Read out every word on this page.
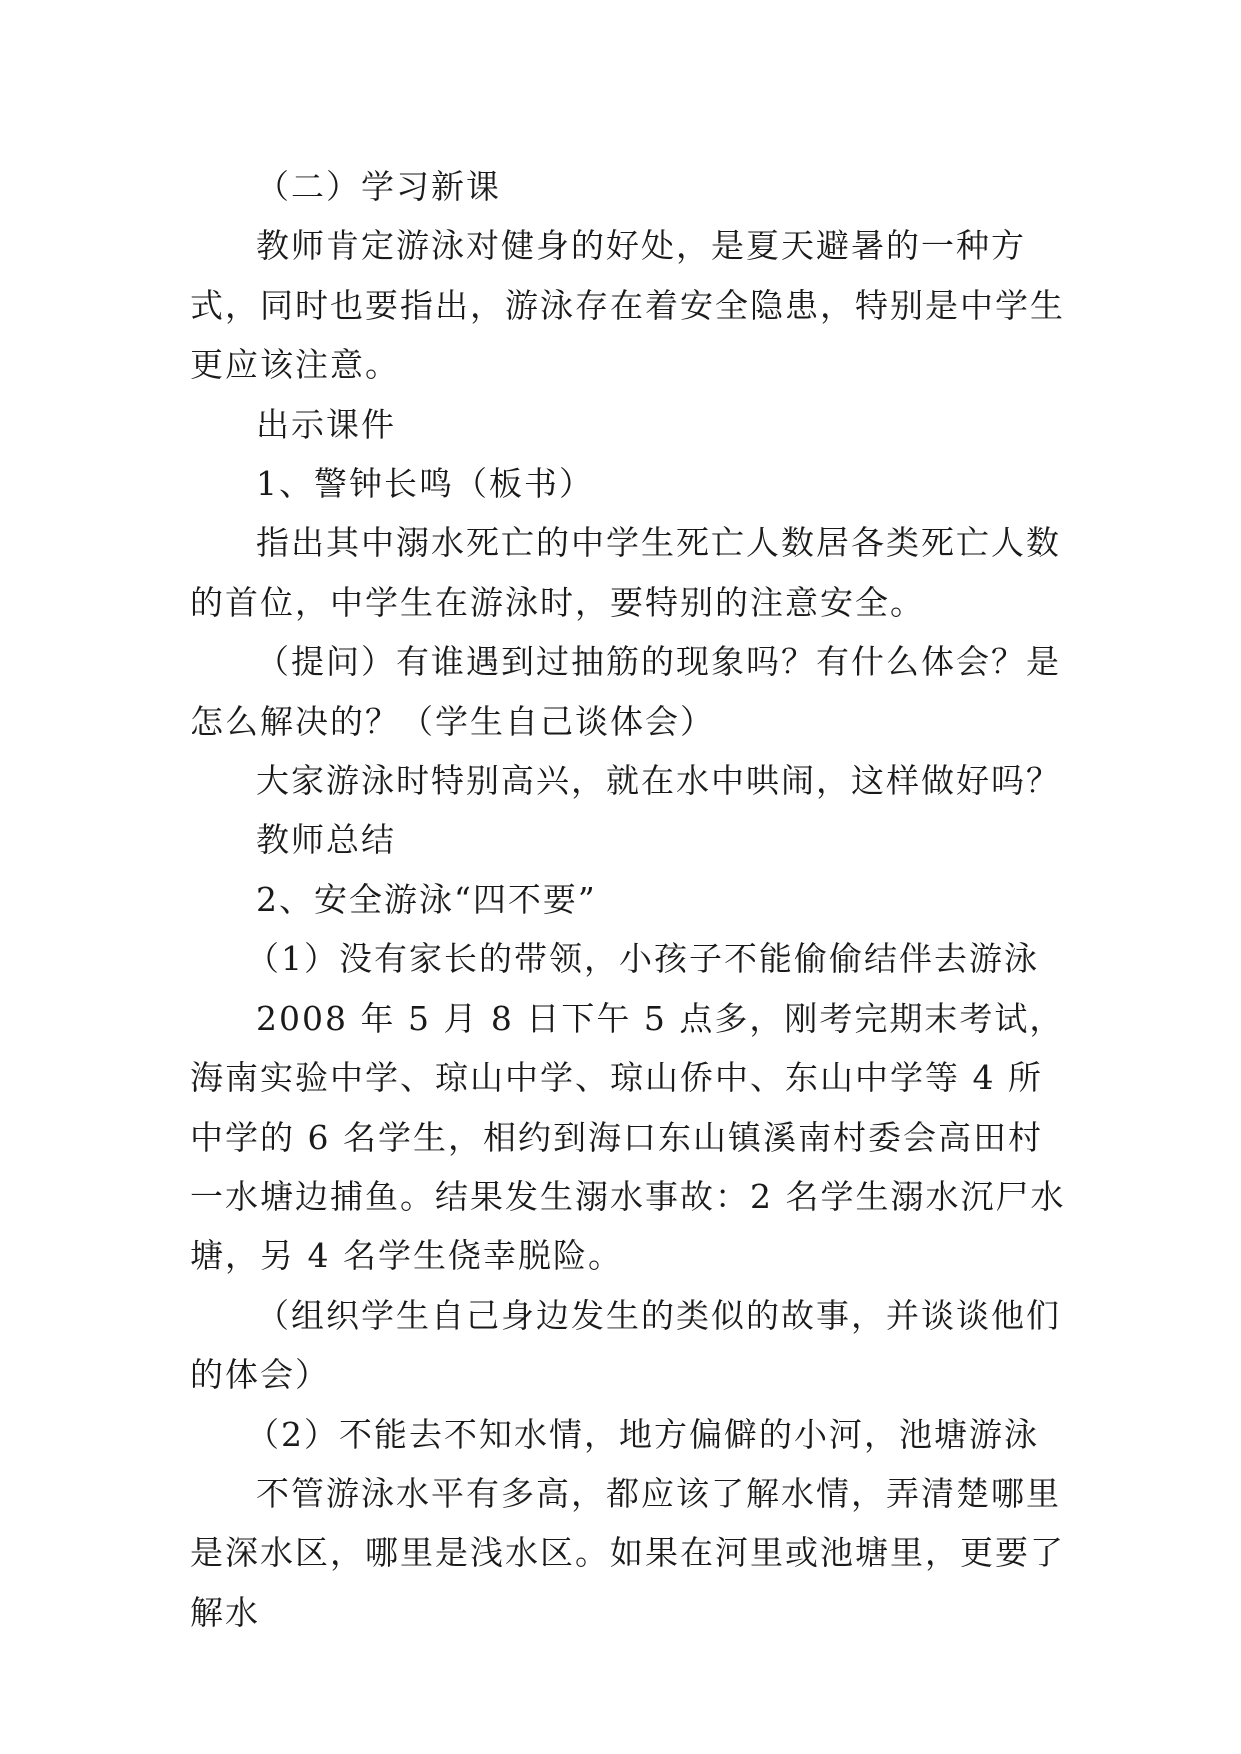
（二）学习新课

教师肯定游泳对健身的好处，是夏天避暑的一种方式，同时也要指出，游泳存在着安全隐患，特别是中学生更应该注意。

出示课件

1、警钟长鸣（板书）

指出其中溺水死亡的中学生死亡人数居各类死亡人数的首位，中学生在游泳时，要特别的注意安全。

（提问）有谁遇到过抽筋的现象吗？有什么体会？是怎么解决的？（学生自己谈体会）

大家游泳时特别高兴，就在水中哄闹，这样做好吗？

教师总结

2、安全游泳“四不要”

（1）没有家长的带领，小孩子不能偷偷结伴去游泳

2008 年 5 月 8 日下午 5 点多，刚考完期末考试，海南实验中学、琼山中学、琼山侨中、东山中学等 4 所中学的 6 名学生，相约到海口东山镇溪南村委会高田村一水塘边捕鱼。结果发生溺水事故：2 名学生溺水沉尸水塘，另 4 名学生侥幸脱险。

（组织学生自己身边发生的类似的故事，并谈谈他们的体会）

（2）不能去不知水情，地方偏僻的小河，池塘游泳

不管游泳水平有多高，都应该了解水情，弄清楚哪里是深水区，哪里是浅水区。如果在河里或池塘里，更要了解水
